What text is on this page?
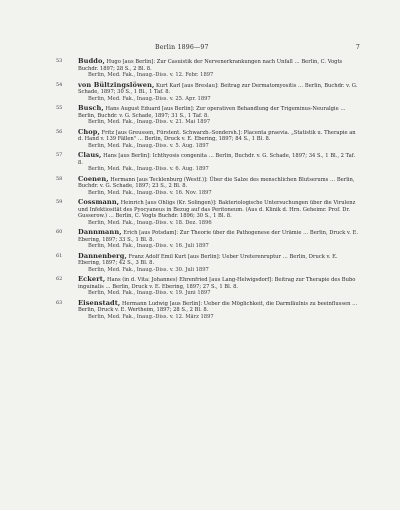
Berlin 1896—97	7
53 Buddo, Hugo [aus Berlin]: Zur Casuistik der Nervenerkrankungen nach Unfall … Berlin, C. Vogts Buchdr. 1897; 28 S., 2 Bl. 8.
Berlin, Med. Fak., Inaug.-Diss. v. 12. Febr. 1897
54 von Bültzingslöwen, Kurt Karl [aus Breslau]: Beitrag zur Dermatomyositis … Berlin, Buchdr. v. G. Schade, 1897; 30 S., 1 Bl., 1 Taf. 8.
Berlin, Med. Fak., Inaug.-Diss. v. 25. Apr. 1897
55 Busch, Hans August Eduard [aus Berlin]: Zur operativen Behandlung der Trigeminus-Neuralgie … Berlin, Buchdr. v. G. Schade, 1897; 31 S., 1 Taf. 8.
Berlin, Med. Fak., Inaug.-Diss. v. 21. Mai 1897
56 Chop, Fritz [aus Greussen, Fürstent. Schwarzb.-Sondersh.]: Placenta praevia. „Statistik u. Therapie an d. Hand v. 139 Fällen" … Berlin, Druck v. E. Ebering, 1897; 84 S., 1 Bl. 8.
Berlin, Med. Fak., Inaug.-Diss. v. 5. Aug. 1897
57 Claus, Hans [aus Berlin]: Ichthyosis congenita … Berlin, Buchdr. v. G. Schade, 1897; 34 S., 1 Bl., 2 Taf. 8.
Berlin, Med. Fak., Inaug.-Diss. v. 6. Aug. 1897
58 Coenen, Hermann [aus Tecklenburg (Westf.)]: Über die Salze des menschlichen Blutserums … Berlin, Buchdr. v. G. Schade, 1897; 23 S., 2 Bl. 8.
Berlin, Med. Fak., Inaug.-Diss. v. 16. Nov. 1897
59 Cossmann, Heinrich [aus Ohligs (Kr. Solingen)]: Bakteriologische Untersuchungen über die Virulenz und Infektiosität des Pyocyaneus in Bezug auf das Peritoneum. (Aus d. Klinik d. Hrn. Geheimr. Prof. Dr. Gusserow.) … Berlin, C. Vogts Buchdr. 1896; 30 S., 1 Bl. 8.
Berlin, Med. Fak., Inaug.-Diss. v. 18. Dez. 1896
60 Dannmann, Erich [aus Potsdam]: Zur Theorie über die Pathogenese der Urämie … Berlin, Druck v. E. Ebering, 1897; 33 S., 1 Bl. 8.
Berlin, Med. Fak., Inaug.-Diss. v. 16. Juli 1897
61 Dannenberg, Franz Adolf Emil Kurt [aus Berlin]: Ueber Ureterenruptur … Berlin, Druck v. E. Ebering, 1897; 42 S., 3 Bl. 8.
Berlin, Med. Fak., Inaug.-Diss. v. 30. Juli 1897
62 Eckert, Hans (in d. Vita: Johannes) Ehrenfried [aus Lang-Helwigsdorf]: Beitrag zur Therapie des Bubo inguinalis … Berlin, Druck v. E. Ebering, 1897; 27 S., 1 Bl. 8.
Berlin, Med. Fak., Inaug.-Diss. v. 19. Juni 1897
63 Eisenstadt, Hermann Ludwig [aus Berlin]: Ueber die Möglichkeit, die Darmfäulnis zu beeinflussen … Berlin, Druck v. E. Wertheim, 1897; 28 S., 2 Bl. 8.
Berlin, Med. Fak., Inaug.-Diss. v. 12. März 1897
